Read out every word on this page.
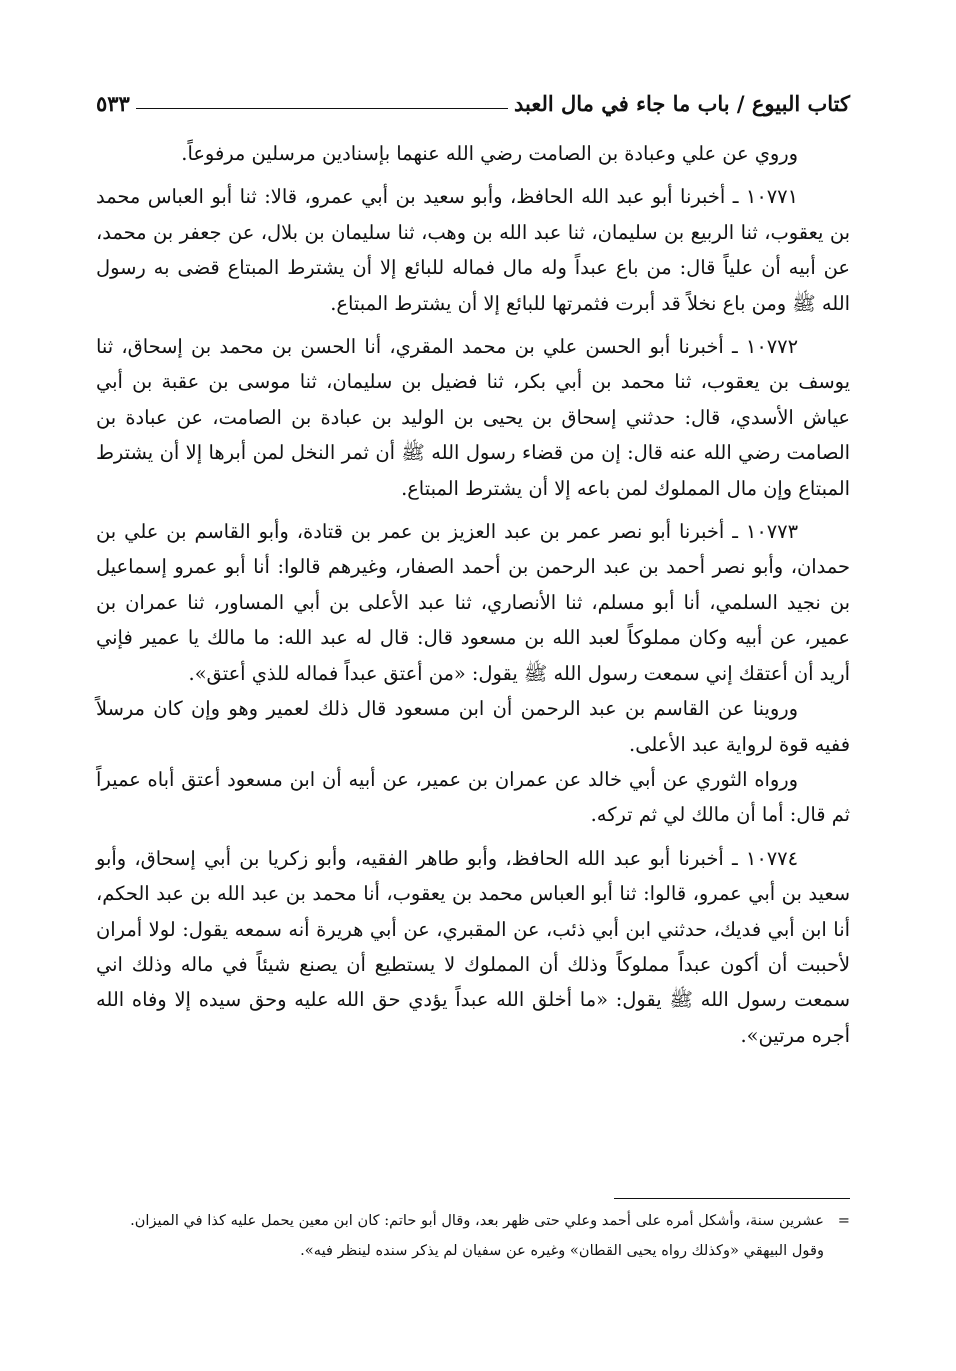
كتاب البيوع / باب ما جاء في مال العبد
٥٣٣

وروي عن علي وعبادة بن الصامت رضي الله عنهما بإسنادين مرسلين مرفوعاً.

١٠٧٧١ ـ أخبرنا أبو عبد الله الحافظ، وأبو سعيد بن أبي عمرو، قالا: ثنا أبو العباس محمد بن يعقوب، ثنا الربيع بن سليمان، ثنا عبد الله بن وهب، ثنا سليمان بن بلال، عن جعفر بن محمد، عن أبيه أن علياً قال: من باع عبداً وله مال فماله للبائع إلا أن يشترط المبتاع قضى به رسول الله ﷺ ومن باع نخلاً قد أبرت فثمرتها للبائع إلا أن يشترط المبتاع.

١٠٧٧٢ ـ أخبرنا أبو الحسن علي بن محمد المقري، أنا الحسن بن محمد بن إسحاق، ثنا يوسف بن يعقوب، ثنا محمد بن أبي بكر، ثنا فضيل بن سليمان، ثنا موسى بن عقبة بن أبي عياش الأسدي، قال: حدثني إسحاق بن يحيى بن الوليد بن عبادة بن الصامت، عن عبادة بن الصامت رضي الله عنه قال: إن من قضاء رسول الله ﷺ أن ثمر النخل لمن أبرها إلا أن يشترط المبتاع وإن مال المملوك لمن باعه إلا أن يشترط المبتاع.

١٠٧٧٣ ـ أخبرنا أبو نصر عمر بن عبد العزيز بن عمر بن قتادة، وأبو القاسم بن علي بن حمدان، وأبو نصر أحمد بن عبد الرحمن بن أحمد الصفار، وغيرهم قالوا: أنا أبو عمرو إسماعيل بن نجيد السلمي، أنا أبو مسلم، ثنا الأنصاري، ثنا عبد الأعلى بن أبي المساور، ثنا عمران بن عمير، عن أبيه وكان مملوكاً لعبد الله بن مسعود قال: قال له عبد الله: ما مالك يا عمير فإني أريد أن أعتقك إني سمعت رسول الله ﷺ يقول: «من أعتق عبداً فماله للذي أعتق».

وروينا عن القاسم بن عبد الرحمن أن ابن مسعود قال ذلك لعمير وهو وإن كان مرسلاً ففيه قوة لرواية عبد الأعلى.

ورواه الثوري عن أبي خالد عن عمران بن عمير، عن أبيه أن ابن مسعود أعتق أباه عميراً ثم قال: أما أن مالك لي ثم تركه.

١٠٧٧٤ ـ أخبرنا أبو عبد الله الحافظ، وأبو طاهر الفقيه، وأبو زكريا بن أبي إسحاق، وأبو سعيد بن أبي عمرو، قالوا: ثنا أبو العباس محمد بن يعقوب، أنا محمد بن عبد الله بن عبد الحكم، أنا ابن أبي فديك، حدثني ابن أبي ذئب، عن المقبري، عن أبي هريرة أنه سمعه يقول: لولا أمران لأحببت أن أكون عبداً مملوكاً وذلك أن المملوك لا يستطيع أن يصنع شيئاً في ماله وذلك اني سمعت رسول الله ﷺ يقول: «ما أخلق الله عبداً يؤدي حق الله عليه وحق سيده إلا وفاه الله أجره مرتين».

=
عشرين سنة، وأشكل أمره على أحمد وعلي حتى ظهر بعد، وقال أبو حاتم: كان ابن معين يحمل عليه كذا في الميزان.

وقول البيهقي «وكذلك رواه يحيى القطان» وغيره عن سفيان لم يذكر سنده لينظر فيه».
